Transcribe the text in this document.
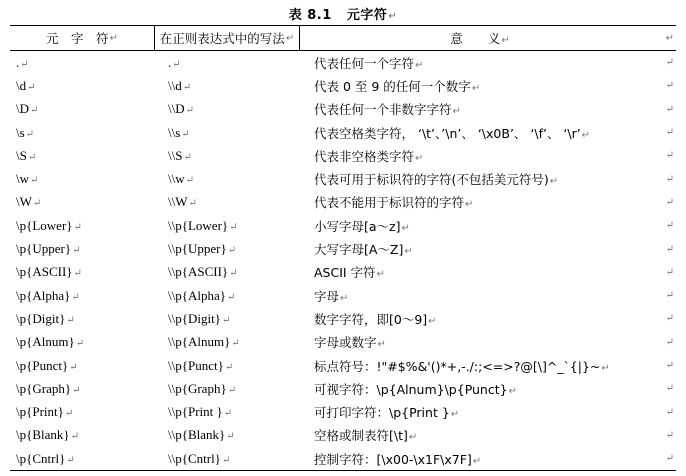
表 8.1 元字符↵
元　字　符 ↵	在正则表达式中的写法 ↵	意　　义↵	↵
.↵	.↵	代表任何一个字符↵	↵
\d↵	\\d↵	代表 0 至 9 的任何一个数字↵	↵
\D↵	\\D↵	代表任何一个非数字字符↵	↵
\s↵	\\s↵	代表空格类字符， ‘\t’、’\n’、 ‘\x0B’、 ‘\f’、 ‘\r’↵	↵
\S↵	\\S↵	代表非空格类字符↵	↵
\w↵	\\w↵	代表可用于标识符的字符(不包括美元符号)↵	↵
\W↵	\\W↵	代表不能用于标识符的字符↵	↵
\p{Lower}↵	\\p{Lower}↵	小写字母[a～z]↵	↵
\p{Upper}↵	\\p{Upper}↵	大写字母[A～Z]↵	↵
\p{ASCII}↵	\\p{ASCII}↵	ASCII 字符↵	↵
\p{Alpha}↵	\\p{Alpha}↵	字母↵	↵
\p{Digit}↵	\\p{Digit}↵	数字字符，即[0～9]↵	↵
\p{Alnum}↵	\\p{Alnum}↵	字母或数字↵	↵
\p{Punct}↵	\\p{Punct}↵	标点符号：!"#$%&'()*+,-./:;<=>?@[\]^_`{|}~↵	↵
\p{Graph}↵	\\p{Graph}↵	可视字符：\p{Alnum}\p{Punct}↵	↵
\p{Print}↵	\\p{Print }↵	可打印字符：\p{Print }↵	↵
\p{Blank}↵	\\p{Blank}↵	空格或制表符[\t]↵	↵
\p{Cntrl}↵	\\p{Cntrl}↵	控制字符：[\x00-\x1F\x7F]↵	↵
